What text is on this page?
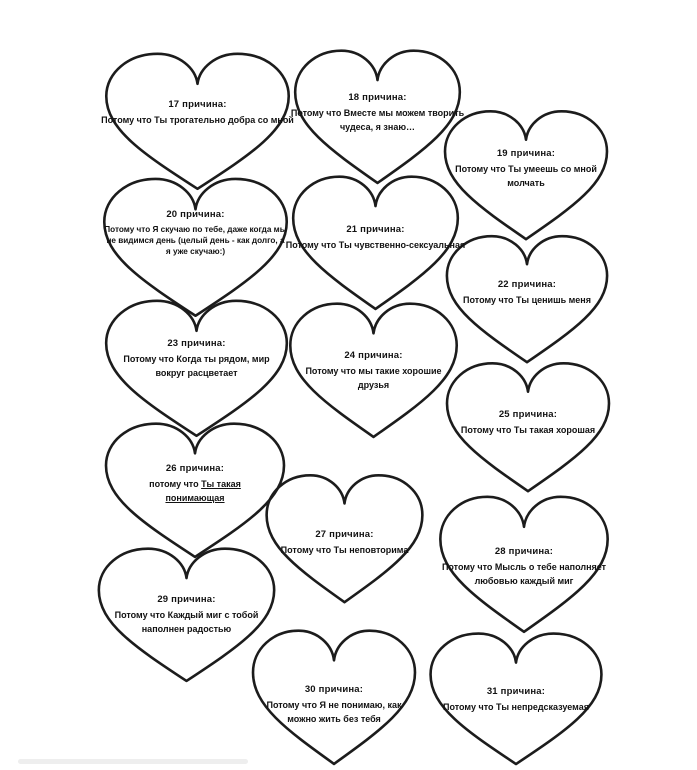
17 причина:
Потому что Ты трогательно добра со мной
18 причина:
Потому что Вместе мы можем творить
чудеса, я знаю…
19 причина:
Потому что Ты умеешь со мной
молчать
20 причина:
Потому что Я скучаю по тебе, даже когда мы
не видимся день (целый день - как долго, а
я уже скучаю:)
21 причина:
Потому что Ты чувственно-сексуальная
22 причина:
Потому что Ты ценишь меня
23 причина:
Потому что Когда ты рядом, мир
вокруг расцветает
24 причина:
Потому что мы такие хорошие
друзья
25 причина:
Потому что Ты такая хорошая
26 причина:
потому что Ты такая
понимающая
27 причина:
Потому что Ты неповторима	28 причина:
Потому что Мысль о тебе наполняет
любовью каждый миг
29 причина:
Потому что Каждый миг с тобой
наполнен радостью
30 причина:
Потому что Я не понимаю, как
можно жить без тебя
31 причина:
Потому что Ты непредсказуемая
